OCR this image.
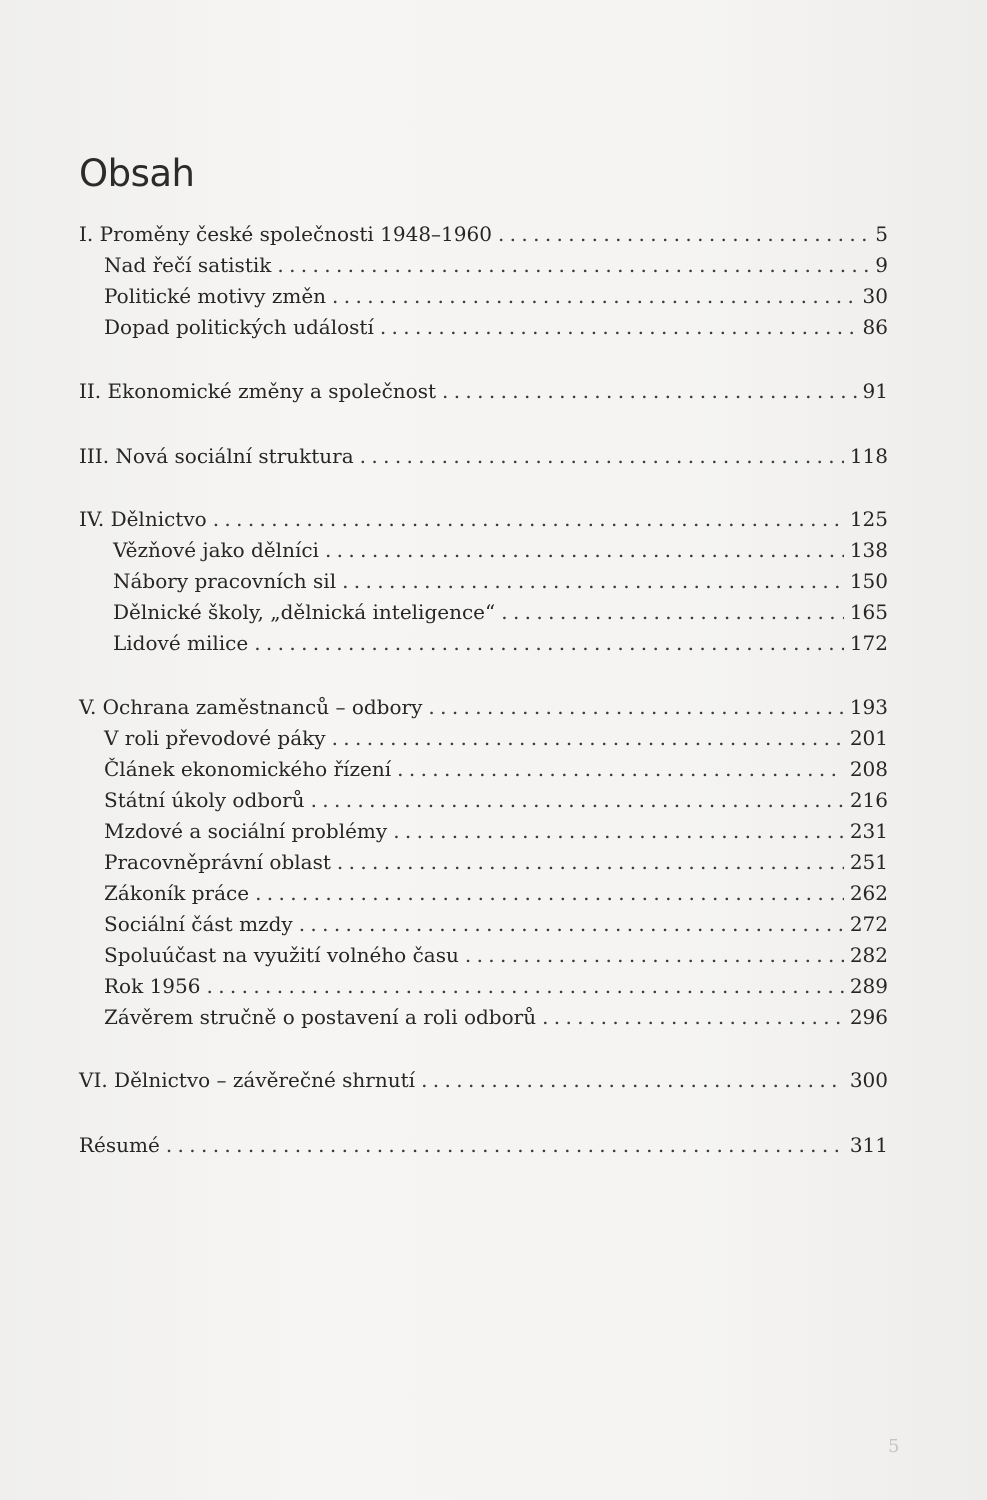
Obsah
I. Proměny české společnosti 1948–1960 . . .	5
Nad řečí satistik . . .	9
Politické motivy změn . . .	30
Dopad politických událostí . . .	86
II. Ekonomické změny a společnost . . .	91
III. Nová sociální struktura . . .	118
IV. Dělnictvo . . .	125
Vězňové jako dělníci . . .	138
Nábory pracovních sil . . .	150
Dělnické školy, „dělnická inteligence“ . . .	165
Lidové milice . . .	172
V. Ochrana zaměstnanců – odbory . . .	193
V roli převodové páky . . .	201
Článek ekonomického řízení . . .	208
Státní úkoly odborů . . .	216
Mzdové a sociální problémy . . .	231
Pracovněprávní oblast . . .	251
Zákoník práce . . .	262
Sociální část mzdy . . .	272
Spoluúčast na využití volného času . . .	282
Rok 1956 . . .	289
Závěrem stručně o postavení a roli odborů . . .	296
VI. Dělnictvo – závěrečné shrnutí . . .	300
Résumé . . .	311
5
